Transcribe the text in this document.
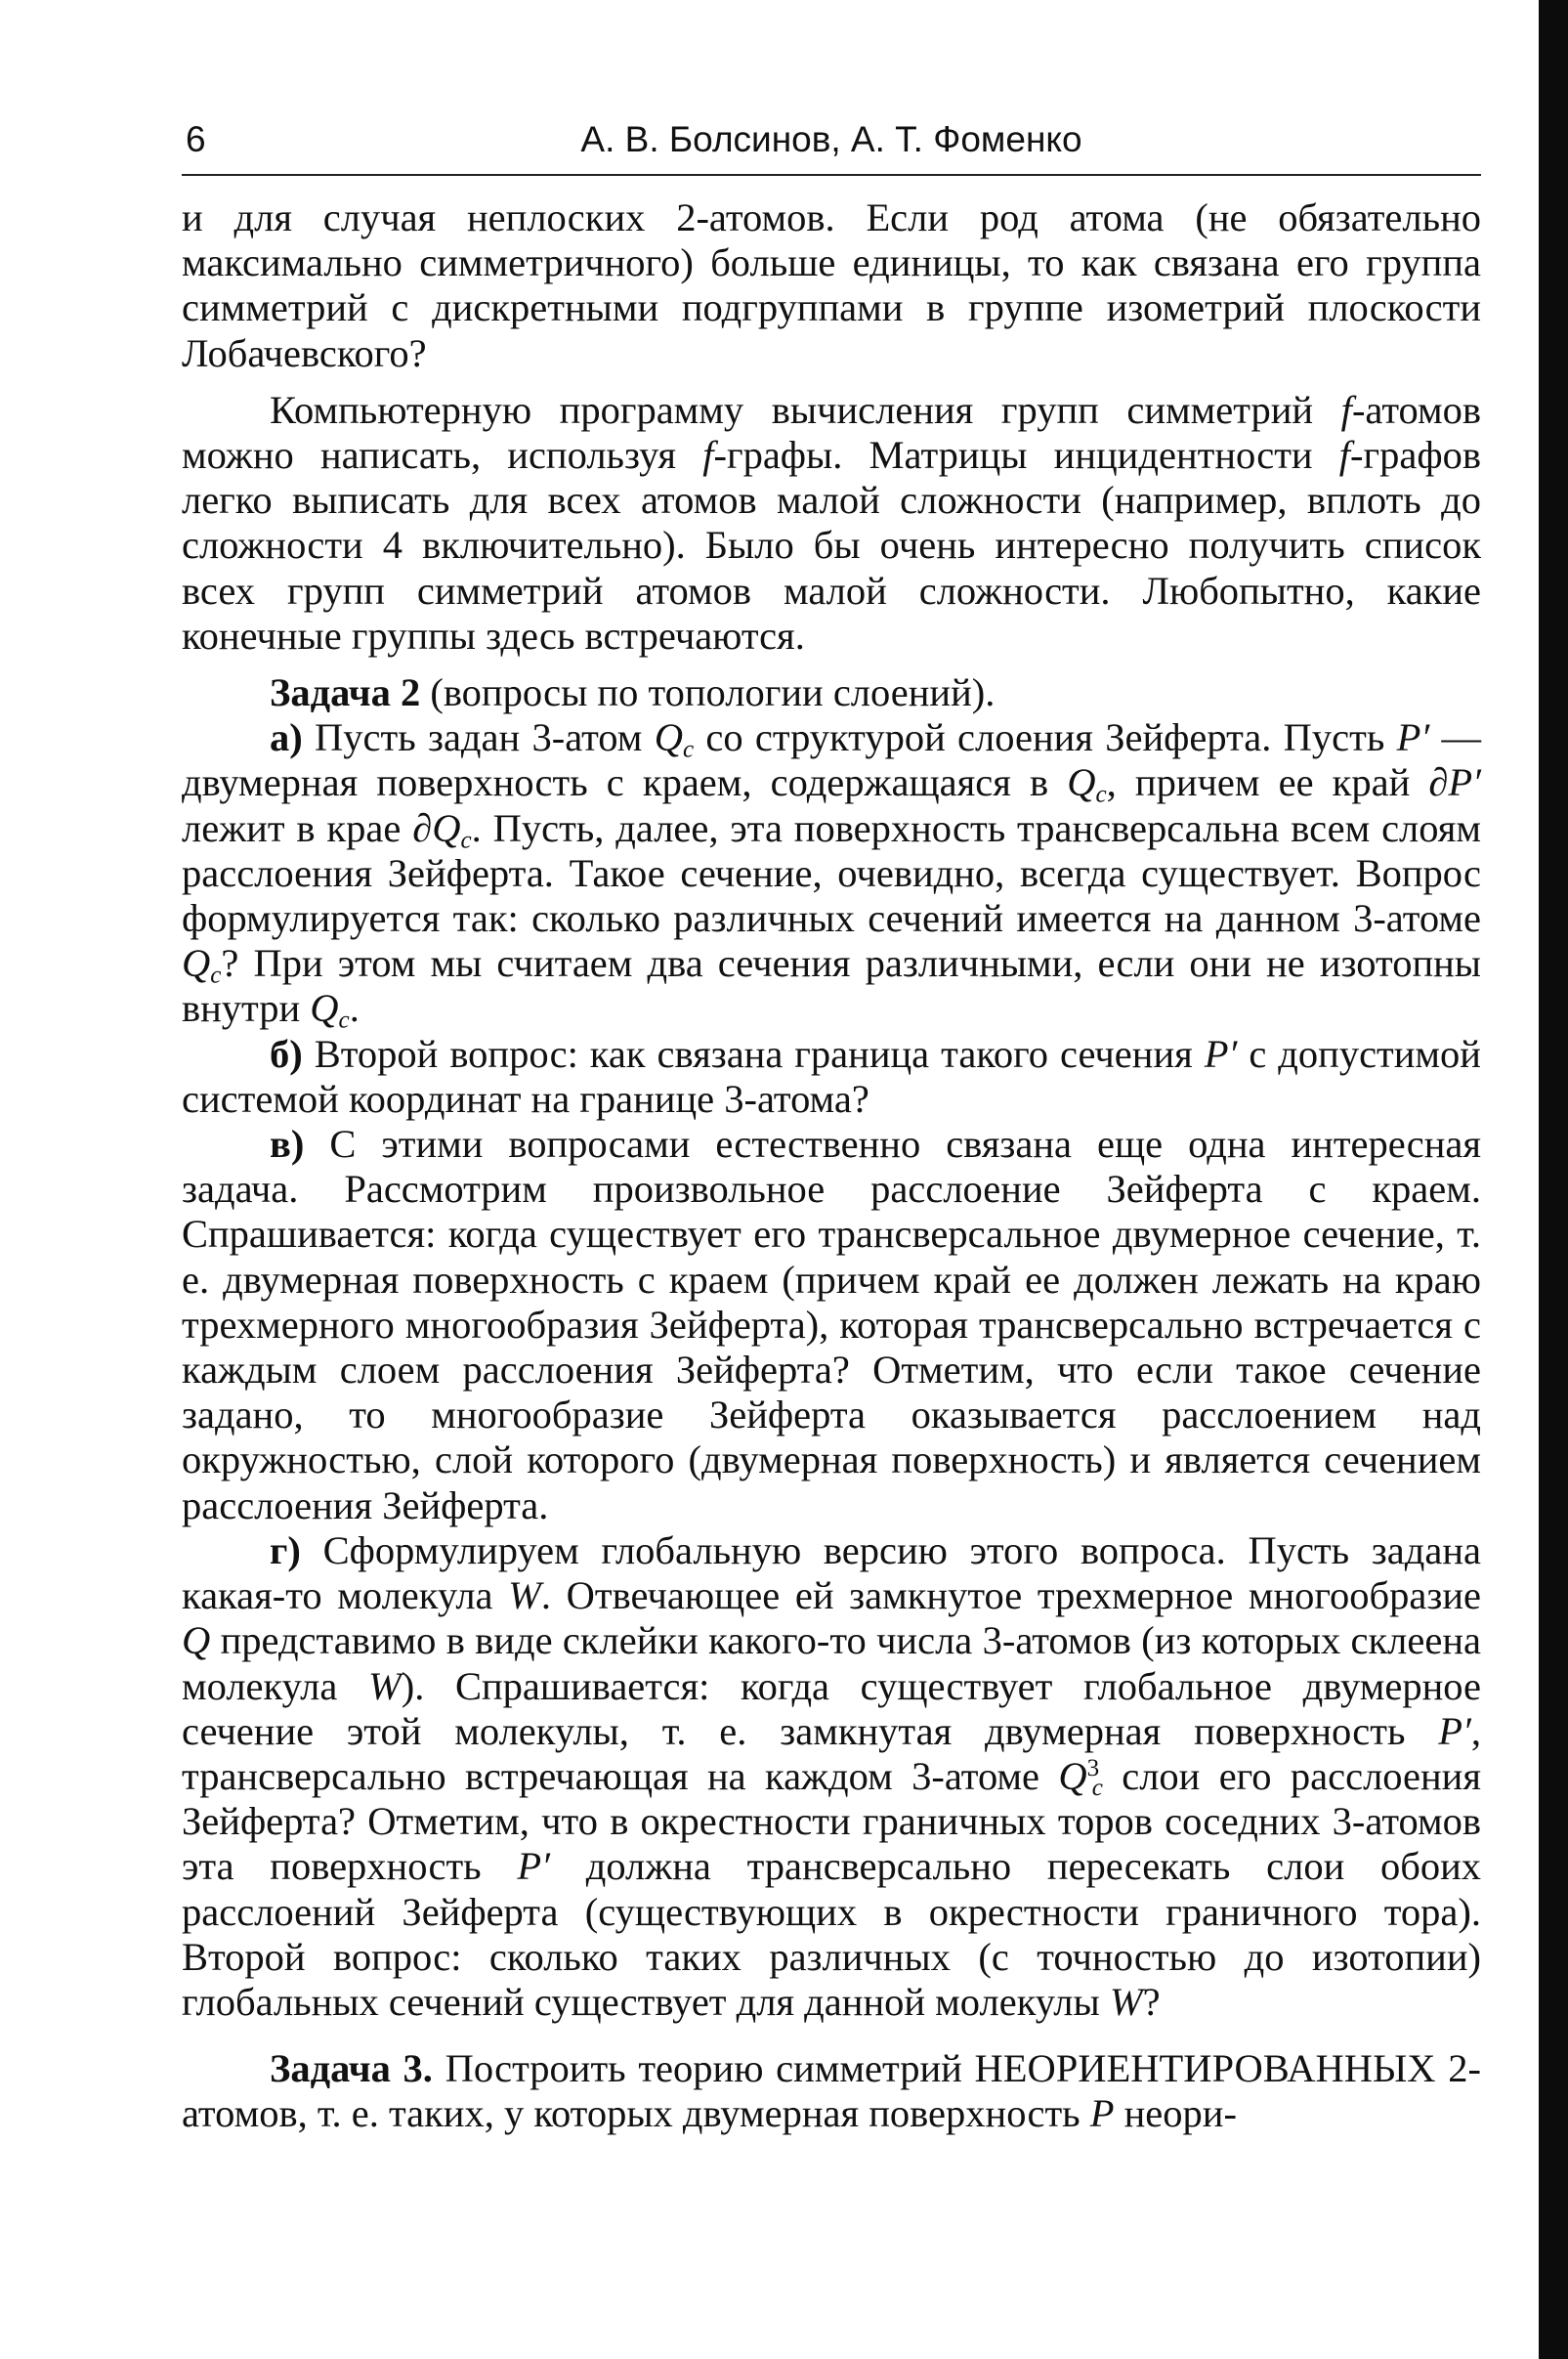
6	А. В. Болсинов, А. Т. Фоменко

и для случая неплоских 2-атомов. Если род атома (не обязательно максимально симметричного) больше единицы, то как связана его группа симметрий с дискретными подгруппами в группе изометрий плоскости Лобачевского?

Компьютерную программу вычисления групп симметрий f-атомов можно написать, используя f-графы. Матрицы инцидентности f-графов легко выписать для всех атомов малой сложности (например, вплоть до сложности 4 включительно). Было бы очень интересно получить список всех групп симметрий атомов малой сложности. Любопытно, какие конечные группы здесь встречаются.

Задача 2 (вопросы по топологии слоений).

а) Пусть задан 3-атом $Q_c$ со структурой слоения Зейферта. Пусть P′ — двумерная поверхность с краем, содержащаяся в $Q_c$, причем ее край ∂P′ лежит в крае $\partial Q_c$. Пусть, далее, эта поверхность трансверсальна всем слоям расслоения Зейферта. Такое сечение, очевидно, всегда существует. Вопрос формулируется так: сколько различных сечений имеется на данном 3-атоме $Q_c$? При этом мы считаем два сечения различными, если они не изотопны внутри $Q_c$.

б) Второй вопрос: как связана граница такого сечения P′ с допустимой системой координат на границе 3-атома?

в) С этими вопросами естественно связана еще одна интересная задача. Рассмотрим произвольное расслоение Зейферта с краем. Спрашивается: когда существует его трансверсальное двумерное сечение, т. е. двумерная поверхность с краем (причем край ее должен лежать на краю трехмерного многообразия Зейферта), которая трансверсально встречается с каждым слоем расслоения Зейферта? Отметим, что если такое сечение задано, то многообразие Зейферта оказывается расслоением над окружностью, слой которого (двумерная поверхность) и является сечением расслоения Зейферта.

г) Сформулируем глобальную версию этого вопроса. Пусть задана какая-то молекула W. Отвечающее ей замкнутое трехмерное многообразие Q представимо в виде склейки какого-то числа 3-атомов (из которых склеена молекула W). Спрашивается: когда существует глобальное двумерное сечение этой молекулы, т. е. замкнутая двумерная поверхность P′, трансверсально встречающая на каждом 3-атоме $Q^3_c$ слои его расслоения Зейферта? Отметим, что в окрестности граничных торов соседних 3-атомов эта поверхность P′ должна трансверсально пересекать слои обоих расслоений Зейферта (существующих в окрестности граничного тора). Второй вопрос: сколько таких различных (с точностью до изотопии) глобальных сечений существует для данной молекулы W?

Задача 3. Построить теорию симметрий НЕОРИЕНТИРОВАННЫХ 2-атомов, т. е. таких, у которых двумерная поверхность P неори-
